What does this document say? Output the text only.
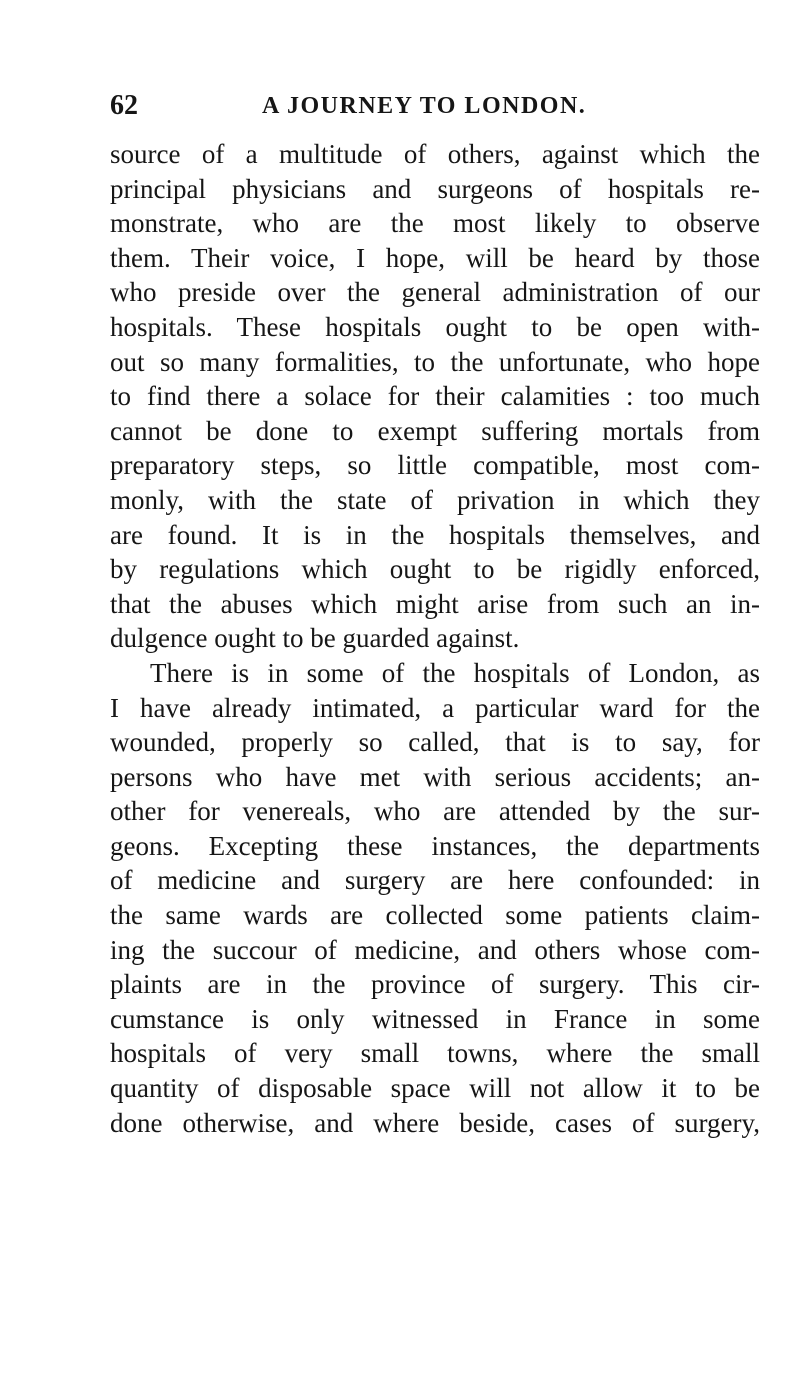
62	A JOURNEY TO LONDON.
source of a multitude of others, against which the
principal physicians and surgeons of hospitals re-
monstrate, who are the most likely to observe
them. Their voice, I hope, will be heard by those
who preside over the general administration of our
hospitals. These hospitals ought to be open with-
out so many formalities, to the unfortunate, who hope
to find there a solace for their calamities : too much
cannot be done to exempt suffering mortals from
preparatory steps, so little compatible, most com-
monly, with the state of privation in which they
are found. It is in the hospitals themselves, and
by regulations which ought to be rigidly enforced,
that the abuses which might arise from such an in-
dulgence ought to be guarded against.
There is in some of the hospitals of London, as
I have already intimated, a particular ward for the
wounded, properly so called, that is to say, for
persons who have met with serious accidents; an-
other for venereals, who are attended by the sur-
geons. Excepting these instances, the departments
of medicine and surgery are here confounded: in
the same wards are collected some patients claim-
ing the succour of medicine, and others whose com-
plaints are in the province of surgery. This cir-
cumstance is only witnessed in France in some
hospitals of very small towns, where the small
quantity of disposable space will not allow it to be
done otherwise, and where beside, cases of surgery,
